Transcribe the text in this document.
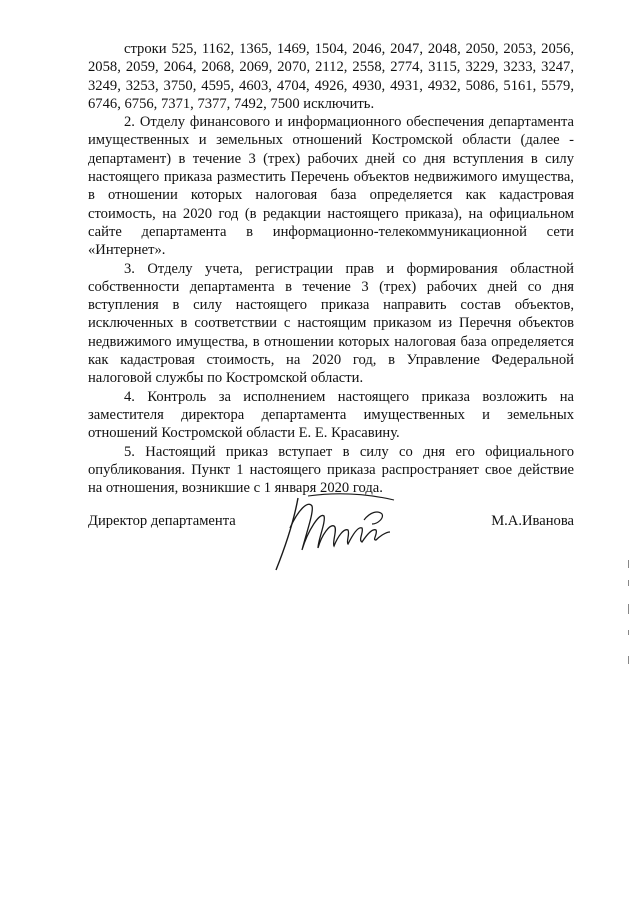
строки 525, 1162, 1365, 1469, 1504, 2046, 2047, 2048, 2050, 2053, 2056, 2058, 2059, 2064, 2068, 2069, 2070, 2112, 2558, 2774, 3115, 3229, 3233, 3247, 3249, 3253, 3750, 4595, 4603, 4704, 4926, 4930, 4931, 4932, 5086, 5161, 5579, 6746, 6756, 7371, 7377, 7492, 7500 исключить.

2. Отделу финансового и информационного обеспечения департамента имущественных и земельных отношений Костромской области (далее - департамент) в течение 3 (трех) рабочих дней со дня вступления в силу настоящего приказа разместить Перечень объектов недвижимого имущества, в отношении которых налоговая база определяется как кадастровая стоимость, на 2020 год (в редакции настоящего приказа), на официальном сайте департамента в информационно-телекоммуникационной сети «Интернет».

3. Отделу учета, регистрации прав и формирования областной собственности департамента в течение 3 (трех) рабочих дней со дня вступления в силу настоящего приказа направить состав объектов, исключенных в соответствии с настоящим приказом из Перечня объектов недвижимого имущества, в отношении которых налоговая база определяется как кадастровая стоимость, на 2020 год, в Управление Федеральной налоговой службы по Костромской области.

4. Контроль за исполнением настоящего приказа возложить на заместителя директора департамента имущественных и земельных отношений Костромской области Е. Е. Красавину.

5. Настоящий приказ вступает в силу со дня его официального опубликования. Пункт 1 настоящего приказа распространяет свое действие на отношения, возникшие с 1 января 2020 года.

Директор департамента	М.А.Иванова
